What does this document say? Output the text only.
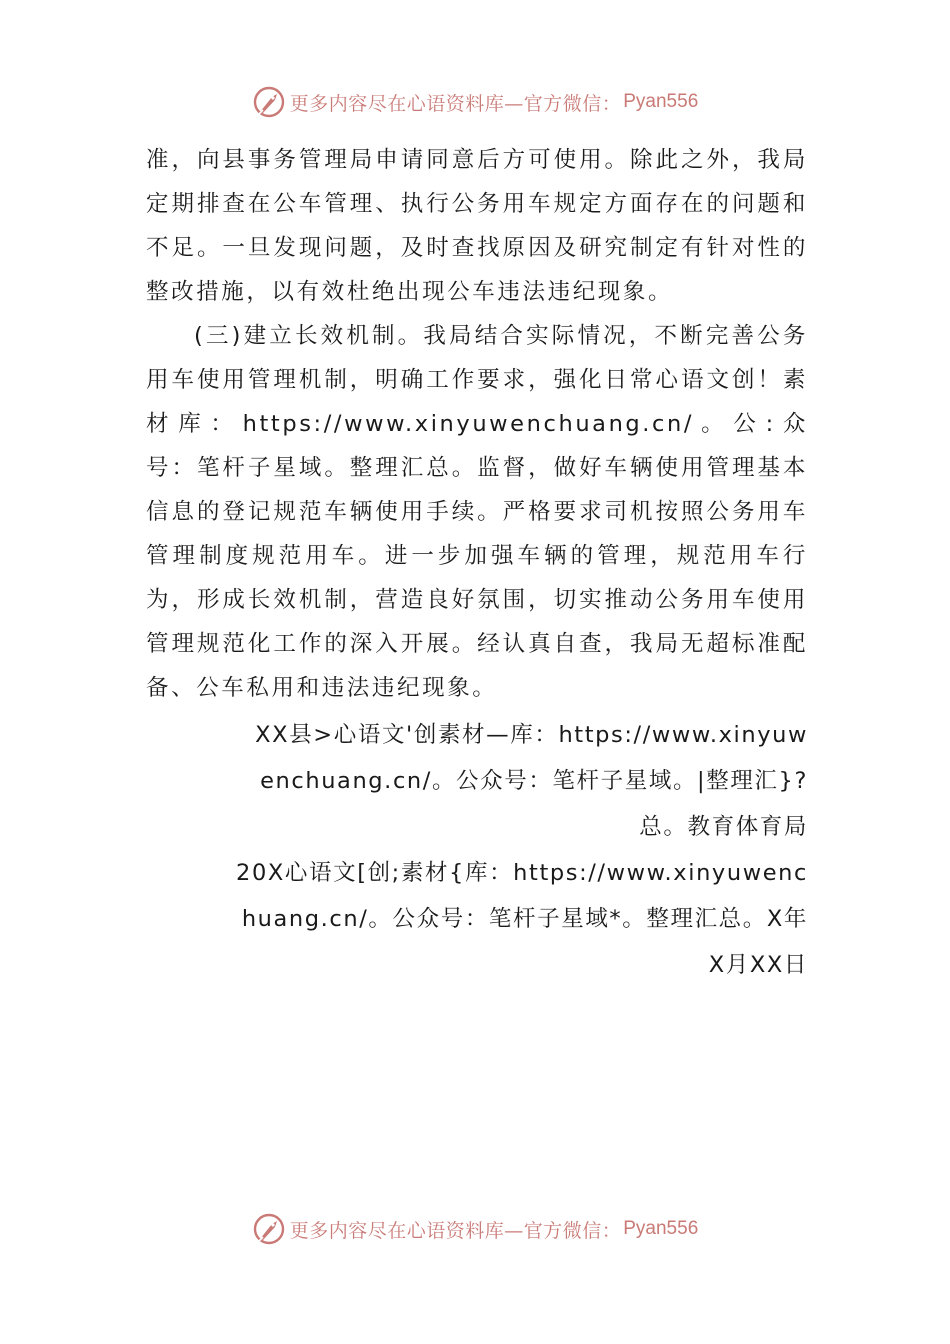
更多内容尽在心语资料库—官方微信： Pyan556

准，向县事务管理局申请同意后方可使用。除此之外，我局定期排查在公车管理、执行公务用车规定方面存在的问题和不足。一旦发现问题，及时查找原因及研究制定有针对性的整改措施，以有效杜绝出现公车违法违纪现象。

(三)建立长效机制。我局结合实际情况，不断完善公务用车使用管理机制，明确工作要求，强化日常心语文创！素材库：https://www.xinyuwenchuang.cn/。公:众号：笔杆子星域。整理汇总。监督，做好车辆使用管理基本信息的登记规范车辆使用手续。严格要求司机按照公务用车管理制度规范用车。进一步加强车辆的管理，规范用车行为，形成长效机制，营造良好氛围，切实推动公务用车使用管理规范化工作的深入开展。经认真自查，我局无超标准配备、公车私用和违法违纪现象。

XX县>心语文'创素材—库：https://www.xinyuwenchuang.cn/。公众号：笔杆子星域。|整理汇}?总。教育体育局

20X心语文[创;素材{库：https://www.xinyuwenchuang.cn/。公众号：笔杆子星域*。整理汇总。X年X月XX日

更多内容尽在心语资料库—官方微信： Pyan556
